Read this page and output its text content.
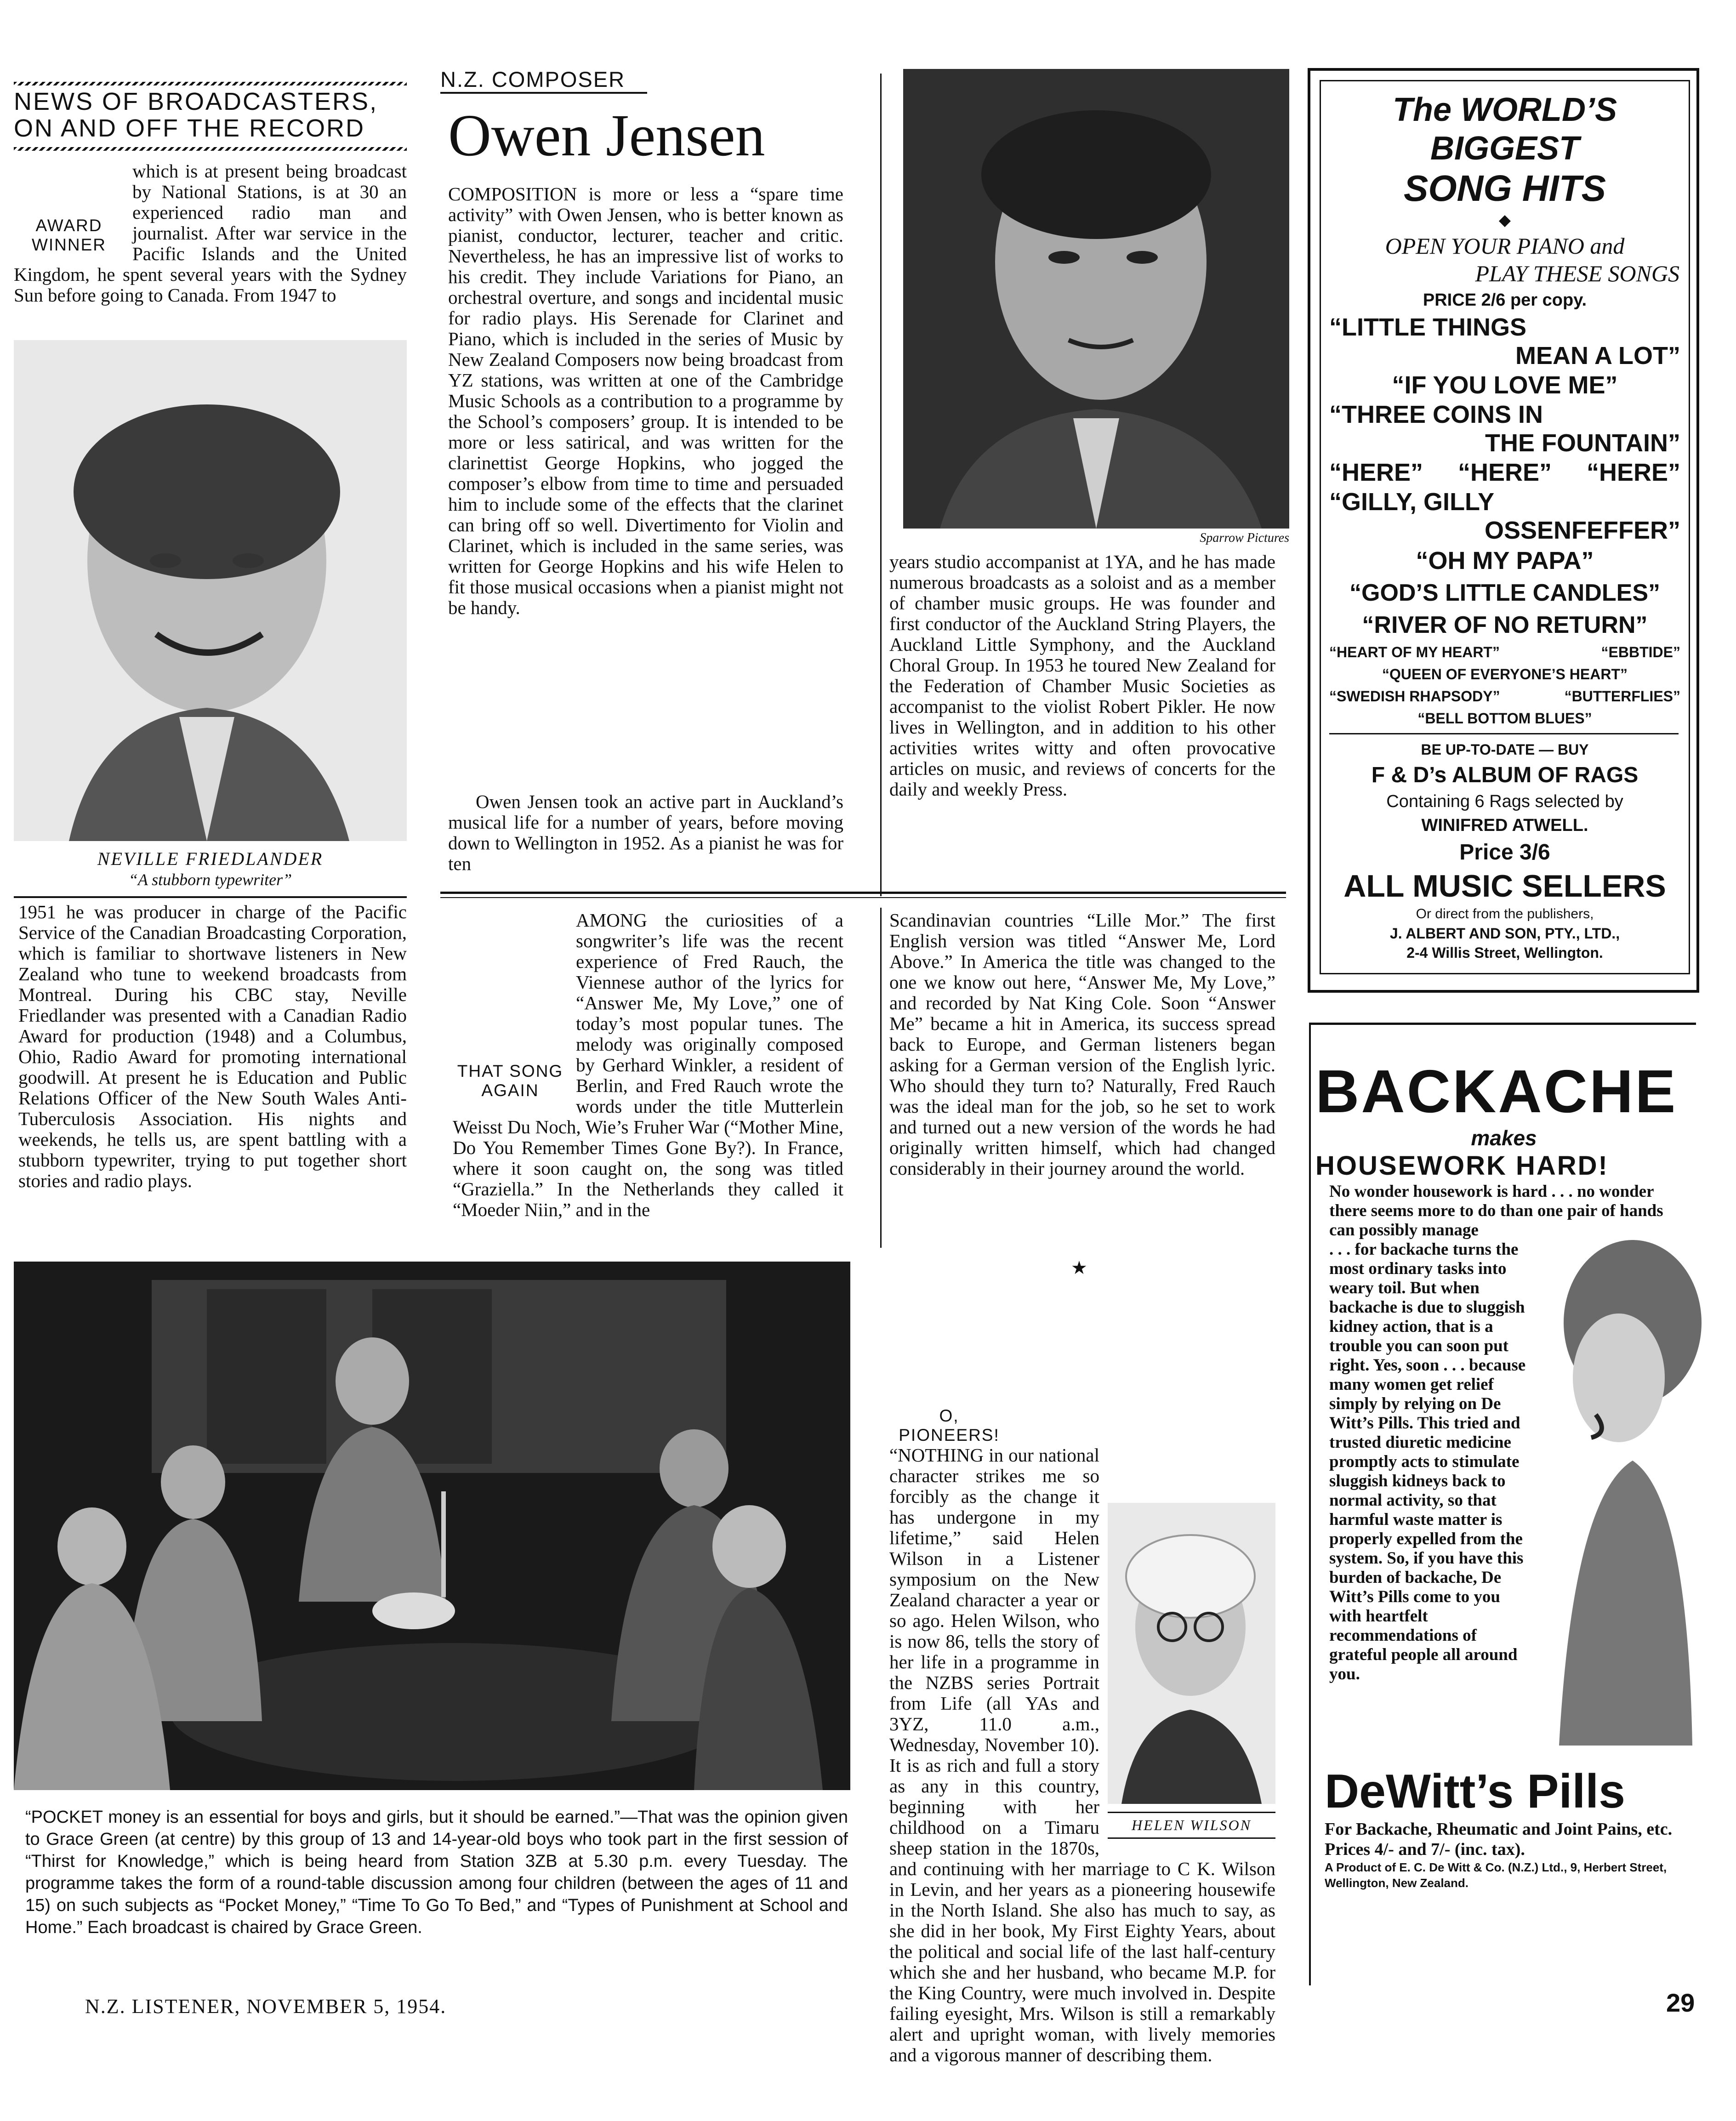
NEWS OF BROADCASTERS,
ON AND OFF THE RECORD
AWARD WINNER
which is at present being broadcast by National Stations, is at 30 an experienced radio man and journalist. After war service in the Pacific Islands and the United Kingdom, he spent several years with the Sydney Sun before going to Canada. From 1947 to
NEVILLE FRIEDLANDER
“A stubborn typewriter”
1951 he was producer in charge of the Pacific Service of the Canadian Broadcasting Corporation, which is familiar to shortwave listeners in New Zealand who tune to weekend broadcasts from Montreal. During his CBC stay, Neville Friedlander was presented with a Canadian Radio Award for production (1948) and a Columbus, Ohio, Radio Award for promoting international goodwill. At present he is Education and Public Relations Officer of the New South Wales Anti-Tuberculosis Association. His nights and weekends, he tells us, are spent battling with a stubborn typewriter, trying to put together short stories and radio plays.
N.Z. COMPOSER
Owen Jensen
COMPOSITION is more or less a “spare time activity” with Owen Jensen, who is better known as pianist, conductor, lecturer, teacher and critic. Nevertheless, he has an impressive list of works to his credit. They include Variations for Piano, an orchestral overture, and songs and incidental music for radio plays. His Serenade for Clarinet and Piano, which is included in the series of Music by New Zealand Composers now being broadcast from YZ stations, was written at one of the Cambridge Music Schools as a contribution to a programme by the School’s composers’ group. It is intended to be more or less satirical, and was written for the clarinettist George Hopkins, who jogged the composer’s elbow from time to time and persuaded him to include some of the effects that the clarinet can bring off so well. Divertimento for Violin and Clarinet, which is included in the same series, was written for George Hopkins and his wife Helen to fit those musical occasions when a pianist might not be handy.
Owen Jensen took an active part in Auckland’s musical life for a number of years, before moving down to Wellington in 1952. As a pianist he was for ten
Sparrow Pictures
years studio accompanist at 1YA, and he has made numerous broadcasts as a soloist and as a member of chamber music groups. He was founder and first conductor of the Auckland String Players, the Auckland Little Symphony, and the Auckland Choral Group. In 1953 he toured New Zealand for the Federation of Chamber Music Societies as accompanist to the violist Robert Pikler. He now lives in Wellington, and in addition to his other activities writes witty and often provocative articles on music, and reviews of concerts for the daily and weekly Press.
THAT SONG AGAIN
AMONG the curiosities of a songwriter’s life was the recent experience of Fred Rauch, the Viennese author of the lyrics for “Answer Me, My Love,” one of today’s most popular tunes. The melody was originally composed by Gerhard Winkler, a resident of Berlin, and Fred Rauch wrote the words under the title Mutterlein Weisst Du Noch, Wie’s Fruher War (“Mother Mine, Do You Remember Times Gone By?). In France, where it soon caught on, the song was titled “Graziella.” In the Netherlands they called it “Moeder Niin,” and in the
Scandinavian countries “Lille Mor.” The first English version was titled “Answer Me, Lord Above.” In America the title was changed to the one we know out here, “Answer Me, My Love,” and recorded by Nat King Cole. Soon “Answer Me” became a hit in America, its success spread back to Europe, and German listeners began asking for a German version of the English lyric. Who should they turn to? Naturally, Fred Rauch was the ideal man for the job, so he set to work and turned out a new version of the words he had originally written himself, which had changed considerably in their journey around the world.
★
HELEN WILSON
O, PIONEERS!
“NOTHING in our national character strikes me so forcibly as the change it has undergone in my lifetime,” said Helen Wilson in a Listener symposium on the New Zealand character a year or so ago. Helen Wilson, who is now 86, tells the story of her life in a programme in the NZBS series Portrait from Life (all YAs and 3YZ, 11.0 a.m., Wednesday, November 10). It is as rich and full a story as any in this country, beginning with her childhood on a Timaru sheep station in the 1870s, and continuing with her marriage to C K. Wilson in Levin, and her years as a pioneering housewife in the North Island. She also has much to say, as she did in her book, My First Eighty Years, about the political and social life of the last half-century which she and her husband, who became M.P. for the King Country, were much involved in. Despite failing eyesight, Mrs. Wilson is still a remarkably alert and upright woman, with lively memories and a vigorous manner of describing them.
“POCKET money is an essential for boys and girls, but it should be earned.”—That was the opinion given to Grace Green (at centre) by this group of 13 and 14-year-old boys who took part in the first session of “Thirst for Knowledge,” which is being heard from Station 3ZB at 5.30 p.m. every Tuesday. The programme takes the form of a round-table discussion among four children (between the ages of 11 and 15) on such subjects as “Pocket Money,” “Time To Go To Bed,” and “Types of Punishment at School and Home.” Each broadcast is chaired by Grace Green.
N.Z. LISTENER, NOVEMBER 5, 1954.	29
The WORLD’S BIGGEST
SONG HITS
◆
OPEN YOUR PIANO and
PLAY THESE SONGS
PRICE 2/6 per copy.
“LITTLE THINGS
MEAN A LOT”
“IF YOU LOVE ME”
“THREE COINS IN
THE FOUNTAIN”
“HERE” “HERE” “HERE”
“GILLY, GILLY
OSSENFEFFER”
“OH MY PAPA”
“GOD’S LITTLE CANDLES”
“RIVER OF NO RETURN”
“HEART OF MY HEART”	“EBBTIDE”
“QUEEN OF EVERYONE’S HEART”
“SWEDISH RHAPSODY”	“BUTTERFLIES”
“BELL BOTTOM BLUES”
BE UP-TO-DATE — BUY
F & D’s ALBUM OF RAGS
Containing 6 Rags selected by
WINIFRED ATWELL.
Price 3/6
ALL MUSIC SELLERS
Or direct from the publishers,
J. ALBERT AND SON, PTY., LTD.,
2-4 Willis Street, Wellington.
BACKACHE
makes
HOUSEWORK HARD!
No wonder housework is hard . . . no wonder there seems more to do than one pair of hands can possibly manage
. . . for backache turns the most ordinary tasks into weary toil. But when backache is due to sluggish kidney action, that is a trouble you can soon put right. Yes, soon . . . because many women get relief simply by relying on De Witt’s Pills. This tried and trusted diuretic medicine promptly acts to stimulate sluggish kidneys back to normal activity, so that harmful waste matter is properly expelled from the system. So, if you have this burden of backache, De Witt’s Pills come to you with heartfelt recommendations of grateful people all around you.
DeWitt’s Pills
For Backache, Rheumatic and Joint Pains, etc. Prices 4/- and 7/- (inc. tax).
A Product of E. C. De Witt & Co. (N.Z.) Ltd., 9, Herbert Street, Wellington, New Zealand.
